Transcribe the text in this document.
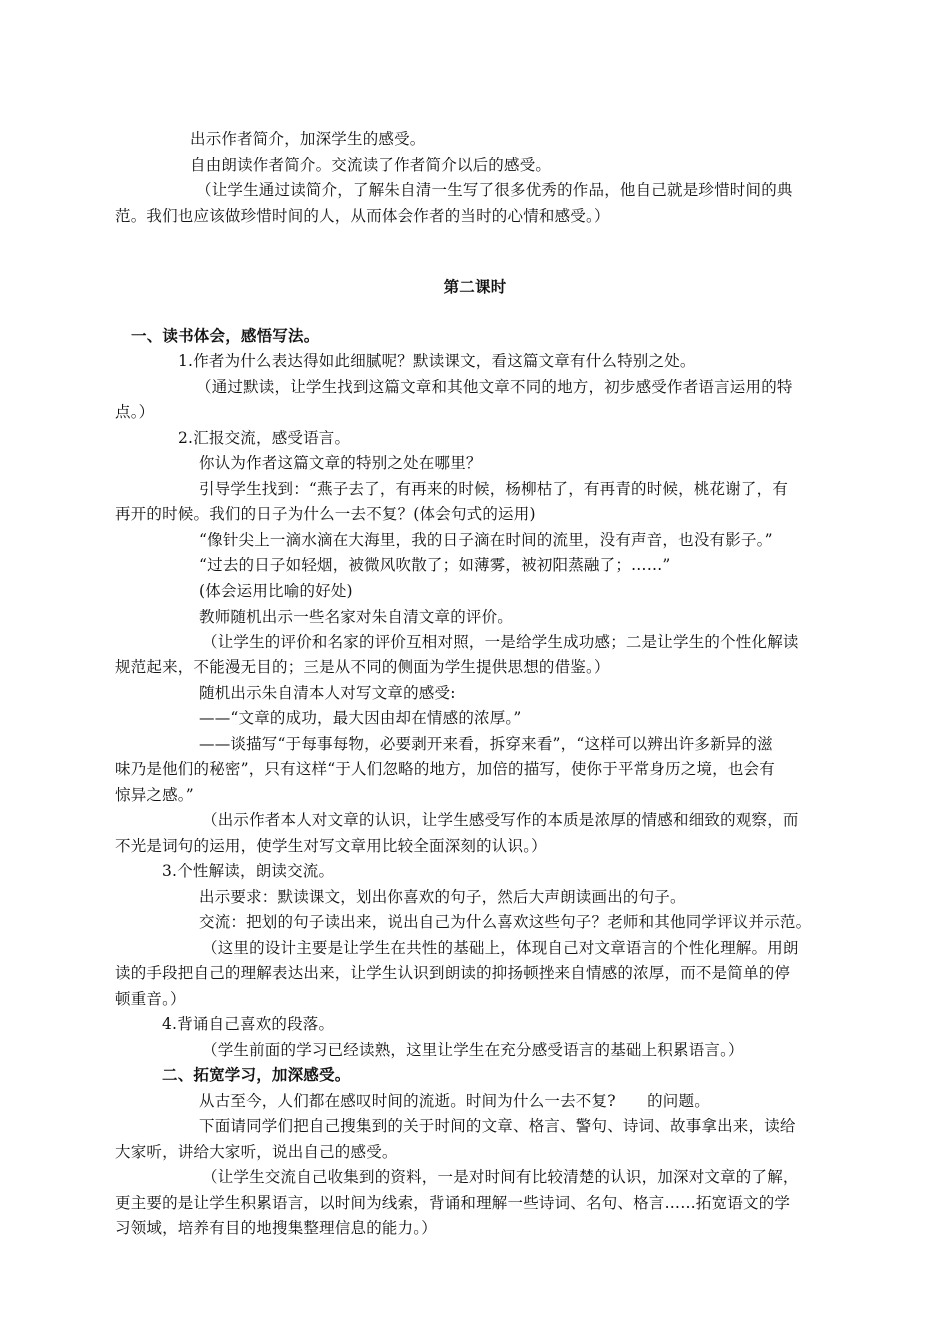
出示作者简介，加深学生的感受。
自由朗读作者简介。交流读了作者简介以后的感受。
（让学生通过读简介，了解朱自清一生写了很多优秀的作品，他自己就是珍惜时间的典
范。我们也应该做珍惜时间的人，从而体会作者的当时的心情和感受。）
第二课时
一、读书体会，感悟写法。
1.作者为什么表达得如此细腻呢？默读课文，看这篇文章有什么特别之处。
（通过默读，让学生找到这篇文章和其他文章不同的地方，初步感受作者语言运用的特
点。）
2.汇报交流，感受语言。
你认为作者这篇文章的特别之处在哪里？
引导学生找到：“燕子去了，有再来的时候，杨柳枯了，有再青的时候，桃花谢了，有
再开的时候。我们的日子为什么一去不复？(体会句式的运用)
“像针尖上一滴水滴在大海里，我的日子滴在时间的流里，没有声音，也没有影子。”
“过去的日子如轻烟，被微风吹散了；如薄雾，被初阳蒸融了；……”
(体会运用比喻的好处)
教师随机出示一些名家对朱自清文章的评价。
（让学生的评价和名家的评价互相对照，一是给学生成功感；二是让学生的个性化解读
规范起来，不能漫无目的；三是从不同的侧面为学生提供思想的借鉴。）
随机出示朱自清本人对写文章的感受:
——“文章的成功，最大因由却在情感的浓厚。”
——谈描写“于每事每物，必要剥开来看，拆穿来看”，“这样可以辨出许多新异的滋
味乃是他们的秘密”，只有这样“于人们忽略的地方，加倍的描写，使你于平常身历之境，也会有
惊异之感。”
（出示作者本人对文章的认识，让学生感受写作的本质是浓厚的情感和细致的观察，而
不光是词句的运用，使学生对写文章用比较全面深刻的认识。）
3.个性解读，朗读交流。
出示要求：默读课文，划出你喜欢的句子，然后大声朗读画出的句子。
交流：把划的句子读出来，说出自己为什么喜欢这些句子？老师和其他同学评议并示范。
（这里的设计主要是让学生在共性的基础上，体现自己对文章语言的个性化理解。用朗
读的手段把自己的理解表达出来，让学生认识到朗读的抑扬顿挫来自情感的浓厚，而不是简单的停
顿重音。）
4.背诵自己喜欢的段落。
（学生前面的学习已经读熟，这里让学生在充分感受语言的基础上积累语言。）
二、拓宽学习，加深感受。
从古至今，人们都在感叹时间的流逝。时间为什么一去不复?　　的问题。
下面请同学们把自己搜集到的关于时间的文章、格言、警句、诗词、故事拿出来，读给
大家听，讲给大家听，说出自己的感受。
（让学生交流自己收集到的资料，一是对时间有比较清楚的认识，加深对文章的了解，
更主要的是让学生积累语言，以时间为线索，背诵和理解一些诗词、名句、格言……拓宽语文的学
习领域，培养有目的地搜集整理信息的能力。）
